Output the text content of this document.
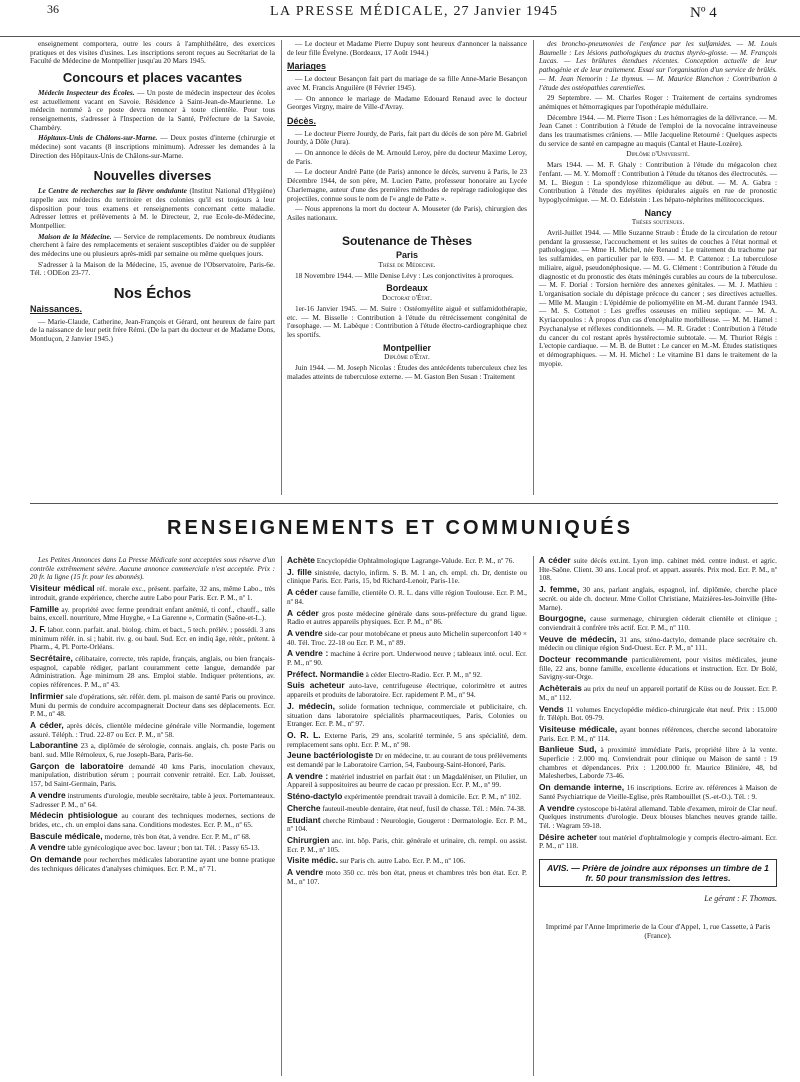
36	LA PRESSE MÉDICALE, 27 Janvier 1945	Nº 4

enseignement comportera, outre les cours à l'amphithéâtre, des exercices pratiques et des visites d'usines. Les inscriptions seront reçues au Secrétariat de la Faculté de Médecine de Montpellier jusqu'au 20 Mars 1945.

Concours et places vacantes

Médecin Inspecteur des Écoles. — Un poste de médecin inspecteur des écoles est actuellement vacant en Savoie. Résidence à Saint-Jean-de-Maurienne. Le médecin nommé à ce poste devra renoncer à toute clientèle. Pour tous renseignements, s'adresser à l'Inspection de la Santé, Préfecture de la Savoie, Chambéry.

Hôpitaux-Unis de Châlons-sur-Marne. — Deux postes d'interne (chirurgie et médecine) sont vacants (8 inscriptions minimum). Adresser les demandes à la Direction des Hôpitaux-Unis de Châlons-sur-Marne.

Nouvelles diverses

Le Centre de recherches sur la fièvre ondulante (Institut National d'Hygiène) rappelle aux médecins du territoire et des colonies qu'il est toujours à leur disposition pour tous examens et renseignements concernant cette maladie. Adresser lettres et prélèvements à M. le Directeur, 2, rue Ecole-de-Médecine, Montpellier.

Maison de la Médecine. — Service de remplacements. De nombreux étudiants cherchent à faire des remplacements et seraient susceptibles d'aider ou de suppléer des médecins une ou plusieurs après-midi par semaine ou même quelques jours.

S'adresser à la Maison de la Médecine, 15, avenue de l'Observatoire, Paris-6e. Tél. : ODEon 23-77.

Nos Échos
Naissances.

— Marie-Claude, Catherine, Jean-François et Gérard, ont heureux de faire part de la naissance de leur petit frère Rémi. (De la part du docteur et de Madame Dons, Montluçon, 2 Janvier 1945.)

— Le docteur et Madame Pierre Dupuy sont heureux d'annoncer la naissance de leur fille Évelyne. (Bordeaux, 17 Août 1944.)

Mariages

— Le docteur Besançon fait part du mariage de sa fille Anne-Marie Besançon avec M. Francis Anguilère (8 Février 1945).

— On annonce le mariage de Madame Edouard Renaud avec le docteur Georges Virgny, maire de Ville-d'Avray.

Décès.

— Le docteur Pierre Jourdy, de Paris, fait part du décès de son père M. Gabriel Jourdy, à Dôle (Jura).

— On annonce le décès de M. Arnould Leroy, père du docteur Maxime Leroy, de Paris.

— Le docteur André Patte (de Paris) annonce le décès, survenu à Paris, le 23 Décembre 1944, de son père, M. Lucien Patte, professeur honoraire au Lycée Charlemagne, auteur d'une des premières méthodes de repérage radiologique des projectiles, connue sous le nom de l'« angle de Patte ».

— Nous apprenons la mort du docteur A. Mouseter (de Paris), chirurgien des Asiles nationaux.

Soutenance de Thèses
Paris

Thèse de Médecine.

18 Novembre 1944. — Mlle Denise Lévy : Les conjonctivites à proroques.

Bordeaux

Doctorat d'État.

1er-16 Janvier 1945. — M. Suire : Ostéomyélite aiguë et sulfamidothérapie, etc. — M. Bisselle : Contribution à l'étude du rétrécissement congénital de l'œsophage. — M. Labèque : Contribution à l'étude électro-cardiographique chez les sportifs.

Montpellier

Diplôme d'État.

Juin 1944. — M. Joseph Nicolas : Études des antécédents tuberculeux chez les malades atteints de tuberculose externe. — M. Gaston Ben Susan : Traitement

des broncho-pneumonies de l'enfance par les sulfamides. — M. Louis Baumelle : Les lésions pathologiques du tractus thyréo-glosse. — M. François Lucas. — Les brûlures étendues récentes. Conception actuelle de leur pathogénie et de leur traitement. Essai sur l'organisation d'un service de brûlés. — M. Jean Nemorin : Le thymus. — M. Maurice Blanchon : Contribution à l'étude des ostéopathies carentielles.

29 Septembre. — M. Charles Roger : Traitement de certains syndromes anémiques et hémorragiques par l'opothérapie médullaire.

Décembre 1944. — M. Pierre Tison : Les hémorragies de la délivrance. — M. Jean Canet : Contribution à l'étude de l'emploi de la novocaïne intraveineuse dans les traumatismes crâniens. — Mlle Jacqueline Retourné : Quelques aspects du service de santé en campagne au maquis (Cantal et Haute-Lozère).

Diplôme d'Université.

Mars 1944. — M. F. Ghaly : Contribution à l'étude du mégacolon chez l'enfant. — M. Y. Momoff : Contribution à l'étude du tétanos des électrocutés. — M. L. Biegun : La spondylose rhizomélique au début. — M. A. Gabra : Contribution à l'étude des myélites épidurales aiguës en rue de pronostic hypoglycémique. — M. O. Edelstein : Les hépato-néphrites mélitococciques.

Nancy

Thèses soutenues.

Avril-Juillet 1944. — Mlle Suzanne Straub : Étude de la circulation de retour pendant la grossesse, l'accouchement et les suites de couches à l'état normal et pathologique. — Mme H. Michel, née Renaud : Le traitement du trachome par les sulfamides, en particulier par le 693. — M. P. Cattenoz : La tuberculose miliaire, aiguë, pseudonéphosique. — M. G. Clément : Contribution à l'étude du diagnostic et du pronostic des états méningés curables au cours de la tuberculose. — M. F. Dorial : Torsion hernière des annexes génitales. — M. J. Mathieu : L'organisation sociale du dépistage précoce du cancer ; ses directives actuelles. — Mlle M. Maugin : L'épidémie de poliomyélite en M.-M. durant l'année 1943. — M. S. Cottenot : Les greffes osseuses en milieu septique. — M. A. Kyriacopoulos : À propos d'un cas d'encéphalite morbilleuse. — M. M. Hamel : Psychanalyse et réflexes conditionnels. — M. R. Gradet : Contribution à l'étude du cancer du col restant après hystérectomie subtotale. — M. Thuriot Régis : L'ectopie cardiaque. — M. B. de Buttet : Le cancer en M.-M. Études statistiques et démographiques. — M. H. Michel : Le vitamine B1 dans le traitement de la myopie.

RENSEIGNEMENTS ET COMMUNIQUÉS

Les Petites Annonces dans La Presse Médicale sont acceptées sous réserve d'un contrôle extrêmement sévère. Aucune annonce commerciale n'est acceptée. Prix : 20 fr. la ligne (15 fr. pour les abonnés).

Visiteur médical réf. morale exc., présent. parfaite, 32 ans, même Labo., très introduit, grande expérience, cherche autre Labo pour Paris. Ecr. P. M., nº 1.

Famille ay. propriété avec ferme prendrait enfant anémié, ti conf., chauff., salle bains, excell. nourriture, Mme Huyghe, « La Garenne », Cormatin (Saône-et-L.).

J. F. labor. conn. parfait. anal. biolog. chim. et bact., 5 tech. prélév. ; possédi. 3 ans minimum référ. in. si ; habit. riv. g. ou baul. Sud. Ecr. en indiq âge, rétér., prétent. à Pharm., 4, Pl. Porte-Orléans.

Secrétaire, célibataire, correcte, très rapide, français, anglais, ou bien français-espagnol, capable rédiger, parlant couramment cette langue, demandée par Administration. Âge minimum 28 ans. Emploi stable. Indiquer prétentions, av. copies références. P. M., nº 43.

Infirmier sale d'opérations, sér. référ. dem. pl. maison de santé Paris ou province. Muni du permis de conduire accompagnerait Docteur dans ses déplacements. Ecr. P. M., nº 48.

A céder, après décès, clientèle médecine générale ville Normandie, logement assuré. Téléph. : Trud. 22-87 ou Ecr. P. M., nº 58.

Laborantine 23 a, diplômée de sérologie, connais. anglais, ch. poste Paris ou banl. sud. Mlle Rémoleux, 6, rue Joseph-Bara, Paris-6e.

Garçon de laboratoire demandé 40 kms Paris, inoculation chevaux, manipulation, distribution sérum ; pourrait convenir retraité. Ecr. Lab. Jouisset, 157, bd Saint-Germain, Paris.

A vendre instruments d'urologie, meuble secrétaire, table à jeux. Portemanteaux. S'adresser P. M., nº 64.

Médecin phtisiologue au courant des techniques modernes, sections de brides, etc., ch. un emploi dans sana. Conditions modestes. Ecr. P. M., nº 65.

Bascule médicale, moderne, très bon état, à vendre. Ecr. P. M., nº 68.

A vendre table gynécologique avec boc. laveur ; bon tat. Tél. : Passy 65-13.

On demande pour recherches médicales laborantine ayant une bonne pratique des techniques délicates d'analyses chimiques. Ecr. P. M., nº 71.

Achète Encyclopédie Ophtalmologique Lagrange-Valude. Ecr. P. M., nº 76.

J. fille sinistrée, dactylo, infirm. S. B. M. 1 an, ch. empl. ch. Dr, dentiste ou clinique Paris. Ecr. Paris, 15, bd Richard-Lenoir, Paris-11e.

A céder cause famille, clientèle O. R. L. dans ville région Toulouse. Ecr. P. M., nº 84.

A céder gros poste médecine générale dans sous-préfecture du grand ligue. Radio et autres appareils physiques. Ecr. P. M., nº 86.

A vendre side-car pour motobécane et pneus auto Michelin superconfort 140 × 40. Tél. Troc. 22-18 ou Ecr. P. M., nº 89.

A vendre : machine à écrire port. Underwood neuve ; tableaux inté. ocul. Ecr. P. M., nº 90.

Préfect. Normandie à céder Electro-Radio. Ecr. P. M., nº 92.

Suis acheteur auto-lave, centrifugeuse électrique, colorimètre et autres appareils et produits de laboratoire. Ecr. rapidement P. M., nº 94.

J. médecin, solide formation technique, commerciale et publicitaire, ch. situation dans laboratoire spécialités pharmaceutiques, Paris, Colonies ou Etranger. Ecr. P. M., nº 97.

O. R. L. Externe Paris, 29 ans, scolarité terminée, 5 ans spécialité, dem. remplacement sans opht. Ecr. P. M., nº 98.

Jeune bactériologiste Dr en médecine, tr. au courant de tous prélèvements est demandé par le Laboratoire Carrion, 54, Faubourg-Saint-Honoré, Paris.

A vendre : matériel industriel en parfait état : un Magdaléniser, un Pilulier, un Appareil à suppositoires au beurre de cacao pr pression. Ecr. P. M., nº 99.

Sténo-dactylo expérimentée prendrait travail à domicile. Ecr. P. M., nº 102.

Cherche fauteuil-meuble dentaire, état neuf, fusil de chasse. Tél. : Mén. 74-38.

Etudiant cherche Rimbaud : Neurologie, Gougerot : Dermatologie. Ecr. P. M., nº 104.

Chirurgien anc. int. hôp. Paris, chir. générale et urinaire, ch. rempl. ou assist. Ecr. P. M., nº 105.

Visite médic. sur Paris ch. autre Labo. Ecr. P. M., nº 106.

A vendre moto 350 cc. très bon état, pneus et chambres très bon état. Ecr. P. M., nº 107.

A céder suite décès ext.int. Lyon imp. cabinet méd. centre indust. et agric. Hte-Saône. Client. 30 ans. Local prof. et appart. assurés. Prix mod. Ecr. P. M., nº 108.

J. femme, 30 ans, parlant anglais, espagnol, inf. diplômée, cherche place secrét. ou aide ch. docteur. Mme Collot Christiane, Maizières-les-Joinville (Hte-Marne).

Bourgogne, cause surmenage, chirurgien céderait clientèle et clinique ; conviendrait à confrère très actif. Ecr. P. M., nº 110.

Veuve de médecin, 31 ans, sténo-dactylo, demande place secrétaire ch. médecin ou clinique région Sud-Ouest. Ecr. P. M., nº 111.

Docteur recommande particulièrement, pour visites médicales, jeune fille, 22 ans, bonne famille, excellente éducations et instruction. Ecr. Dr Bolé, Savigny-sur-Orge.

Achèterais au prix du neuf un appareil portatif de Küss ou de Jousset. Ecr. P. M., nº 112.

Vends 11 volumes Encyclopédie médico-chirurgicale état neuf. Prix : 15.000 fr. Téléph. Bot. 09-79.

Visiteuse médicale, ayant bonnes références, cherche second laboratoire Paris. Ecr. P. M., nº 114.

Banlieue Sud, à proximité immédiate Paris, propriété libre à la vente. Superficie : 2.000 mq. Conviendrait pour clinique ou Maison de santé : 19 chambres et dépendances. Prix : 1.200.000 fr. Maurice Blinière, 48, bd Malesherbes, Laborde 73-46.

On demande interne, 16 inscriptions. Ecrire av. références à Maison de Santé Psychiatrique de Vieille-Eglise, près Rambouillet (S.-et-O.). Tél. : 9.

A vendre cystoscope bi-latéral allemand. Table d'examen, miroir de Clar neuf. Quelques instruments d'urologie. Deux blouses blanches neuves grande taille. Tél. : Wagram 59-18.

Désire acheter tout matériel d'ophtalmologie y compris électro-aimant. Ecr. P. M., nº 118.

AVIS. — Prière de joindre aux réponses un timbre de 1 fr. 50 pour transmission des lettres.
Le gérant : F. Thomas.
Imprimé par l'Anne Imprimerie de la Cour d'Appel, 1, rue Cassette, à Paris (France).
